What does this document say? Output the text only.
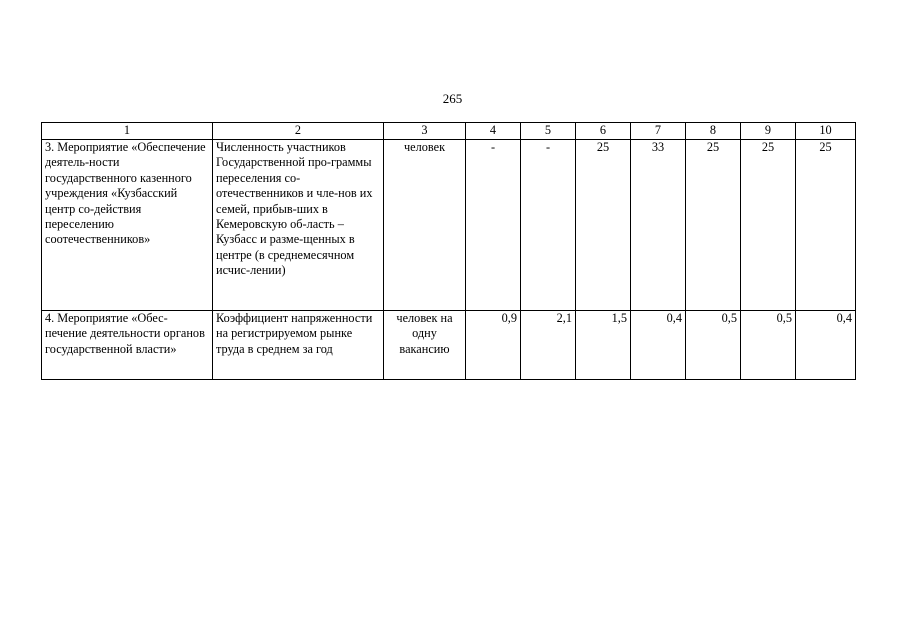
265
1	2	3	4	5	6	7	8	9	10
3. Мероприятие «Обеспечение деятель-ности государственного казенного учреждения «Кузбасский центр со-действия переселению соотечественников»	Численность участников Государственной про-граммы переселения со-отечественников и чле-нов их семей, прибыв-ших в Кемеровскую об-ласть – Кузбасс и разме-щенных в центре (в среднемесячном исчис-лении)	человек	-	-	25	33	25	25	25
4. Мероприятие «Обес-печение деятельности органов государственной власти»	Коэффициент напряженности на регистрируемом рынке труда в среднем за год	человек на одну вакансию	0,9	2,1	1,5	0,4	0,5	0,5	0,4
